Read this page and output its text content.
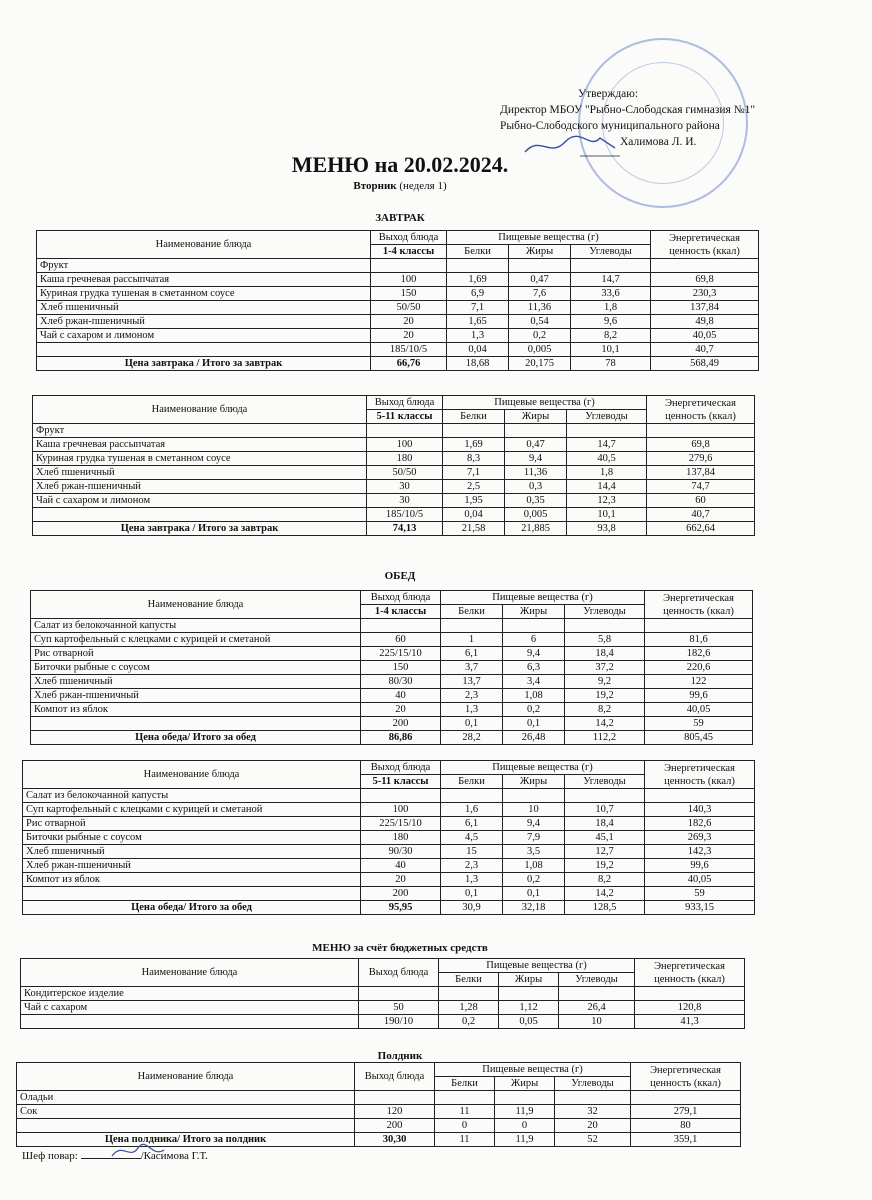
Утверждаю:
Директор МБОУ "Рыбно-Слободская гимназия №1"
Рыбно-Слободского муниципального района
Халимова Л. И.
МЕНЮ на 20.02.2024.
Вторник (неделя 1)
ЗАВТРАК
Наименование блюда	Выход блюда	Пищевые вещества (г)			Энергетическая ценность (ккал)
	1-4 классы	Белки	Жиры	Углеводы	
Фрукт					
Каша гречневая рассыпчатая	100	1,69	0,47	14,7	69,8
Куриная грудка тушеная в сметанном соусе	150	6,9	7,6	33,6	230,3
Хлеб пшеничный	50/50	7,1	11,36	1,8	137,84
Хлеб ржан-пшеничный	20	1,65	0,54	9,6	49,8
Чай с сахаром и лимоном	20	1,3	0,2	8,2	40,05
	185/10/5	0,04	0,005	10,1	40,7
Цена завтрака / Итого за завтрак	66,76	18,68	20,175	78	568,49
Наименование блюда	Выход блюда	Пищевые вещества (г)			Энергетическая ценность (ккал)
	5-11 классы	Белки	Жиры	Углеводы	
Фрукт					
Каша гречневая рассыпчатая	100	1,69	0,47	14,7	69,8
Куриная грудка тушеная в сметанном соусе	180	8,3	9,4	40,5	279,6
Хлеб пшеничный	50/50	7,1	11,36	1,8	137,84
Хлеб ржан-пшеничный	30	2,5	0,3	14,4	74,7
Чай с сахаром и лимоном	30	1,95	0,35	12,3	60
	185/10/5	0,04	0,005	10,1	40,7
Цена завтрака / Итого за завтрак	74,13	21,58	21,885	93,8	662,64
ОБЕД
Наименование блюда	Выход блюда	Пищевые вещества (г)			Энергетическая ценность (ккал)
	1-4 классы	Белки	Жиры	Углеводы	
Салат из белокочанной капусты					
Суп картофельный с клецками с курицей и сметаной	60	1	6	5,8	81,6
Рис отварной	225/15/10	6,1	9,4	18,4	182,6
Биточки рыбные с соусом	150	3,7	6,3	37,2	220,6
Хлеб пшеничный	80/30	13,7	3,4	9,2	122
Хлеб ржан-пшеничный	40	2,3	1,08	19,2	99,6
Компот из яблок	20	1,3	0,2	8,2	40,05
	200	0,1	0,1	14,2	59
Цена обеда/ Итого за обед	86,86	28,2	26,48	112,2	805,45
Наименование блюда	Выход блюда	Пищевые вещества (г)			Энергетическая ценность (ккал)
	5-11 классы	Белки	Жиры	Углеводы	
Салат из белокочанной капусты					
Суп картофельный с клецками с курицей и сметаной	100	1,6	10	10,7	140,3
Рис отварной	225/15/10	6,1	9,4	18,4	182,6
Биточки рыбные с соусом	180	4,5	7,9	45,1	269,3
Хлеб пшеничный	90/30	15	3,5	12,7	142,3
Хлеб ржан-пшеничный	40	2,3	1,08	19,2	99,6
Компот из яблок	20	1,3	0,2	8,2	40,05
	200	0,1	0,1	14,2	59
Цена обеда/ Итого за обед	95,95	30,9	32,18	128,5	933,15
МЕНЮ за счёт бюджетных средств
Наименование блюда	Выход блюда	Пищевые вещества (г)			Энергетическая ценность (ккал)
		Белки	Жиры	Углеводы	
Кондитерское изделие					
Чай с сахаром	50	1,28	1,12	26,4	120,8
	190/10	0,2	0,05	10	41,3
Полдник
Наименование блюда	Выход блюда	Пищевые вещества (г)			Энергетическая ценность (ккал)
		Белки	Жиры	Углеводы	
Оладьи					
Сок	120	11	11,9	32	279,1
	200	0	0	20	80
Цена полдника/ Итого за полдник	30,30	11	11,9	52	359,1
Шеф повар:	/Касимова Г.Т.
